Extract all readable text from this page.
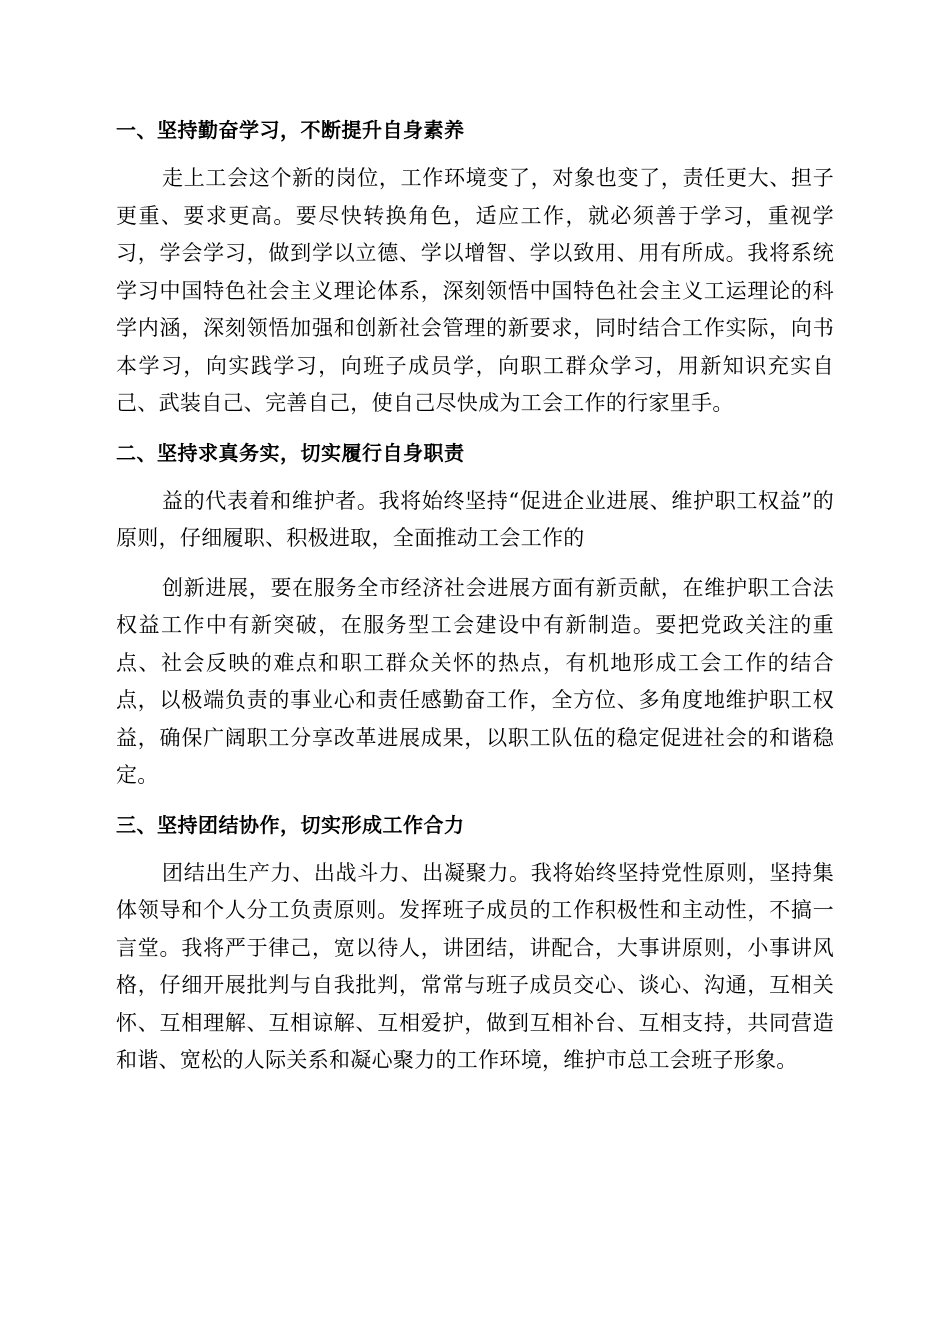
一、坚持勤奋学习，不断提升自身素养

走上工会这个新的岗位，工作环境变了，对象也变了，责任更大、担子更重、要求更高。要尽快转换角色，适应工作，就必须善于学习，重视学习，学会学习，做到学以立德、学以增智、学以致用、用有所成。我将系统学习中国特色社会主义理论体系，深刻领悟中国特色社会主义工运理论的科学内涵，深刻领悟加强和创新社会管理的新要求，同时结合工作实际，向书本学习，向实践学习，向班子成员学，向职工群众学习，用新知识充实自己、武装自己、完善自己，使自己尽快成为工会工作的行家里手。

二、坚持求真务实，切实履行自身职责

益的代表着和维护者。我将始终坚持“促进企业进展、维护职工权益”的原则，仔细履职、积极进取，全面推动工会工作的

创新进展，要在服务全市经济社会进展方面有新贡献，在维护职工合法权益工作中有新突破，在服务型工会建设中有新制造。要把党政关注的重点、社会反映的难点和职工群众关怀的热点，有机地形成工会工作的结合点，以极端负责的事业心和责任感勤奋工作，全方位、多角度地维护职工权益，确保广阔职工分享改革进展成果，以职工队伍的稳定促进社会的和谐稳定。

三、坚持团结协作，切实形成工作合力

团结出生产力、出战斗力、出凝聚力。我将始终坚持党性原则，坚持集体领导和个人分工负责原则。发挥班子成员的工作积极性和主动性，不搞一言堂。我将严于律己，宽以待人，讲团结，讲配合，大事讲原则，小事讲风格，仔细开展批判与自我批判，常常与班子成员交心、谈心、沟通，互相关怀、互相理解、互相谅解、互相爱护，做到互相补台、互相支持，共同营造和谐、宽松的人际关系和凝心聚力的工作环境，维护市总工会班子形象。
